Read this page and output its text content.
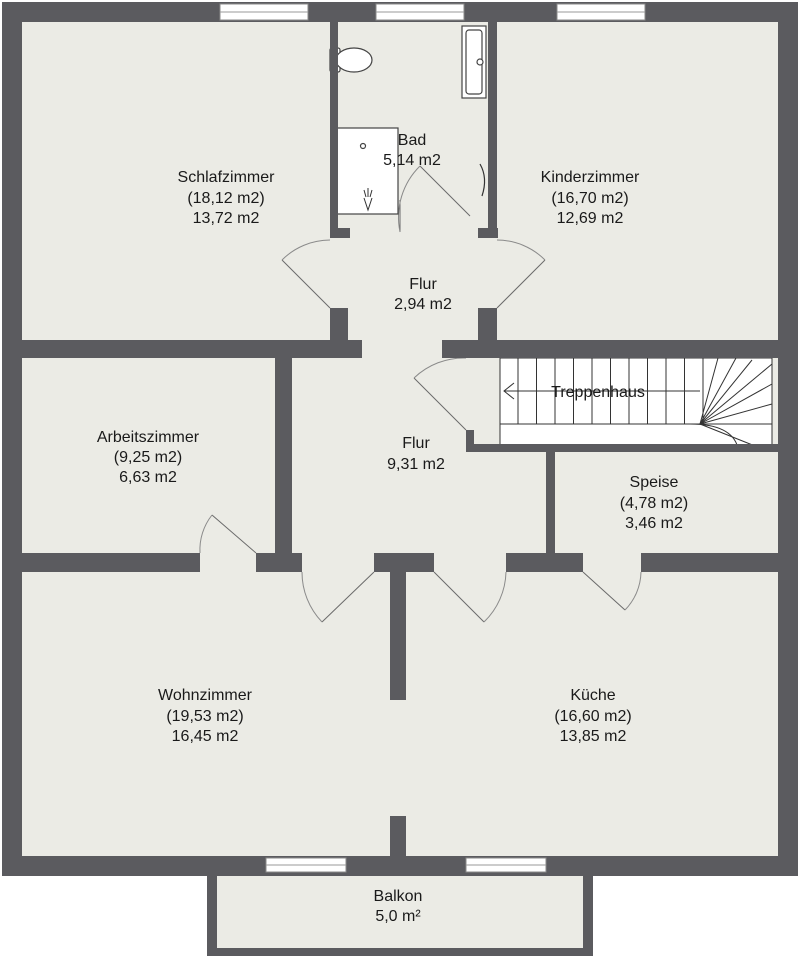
Schlafzimmer
(18,12 m2)
13,72 m2
Bad
5,14 m2
Kinderzimmer
(16,70 m2)
12,69 m2
Flur
2,94 m2
Treppenhaus
Arbeitszimmer
(9,25 m2)
6,63 m2
Flur
9,31 m2
Speise
(4,78 m2)
3,46 m2
Wohnzimmer
(19,53 m2)
16,45 m2
Küche
(16,60 m2)
13,85 m2
Balkon
5,0 m²
